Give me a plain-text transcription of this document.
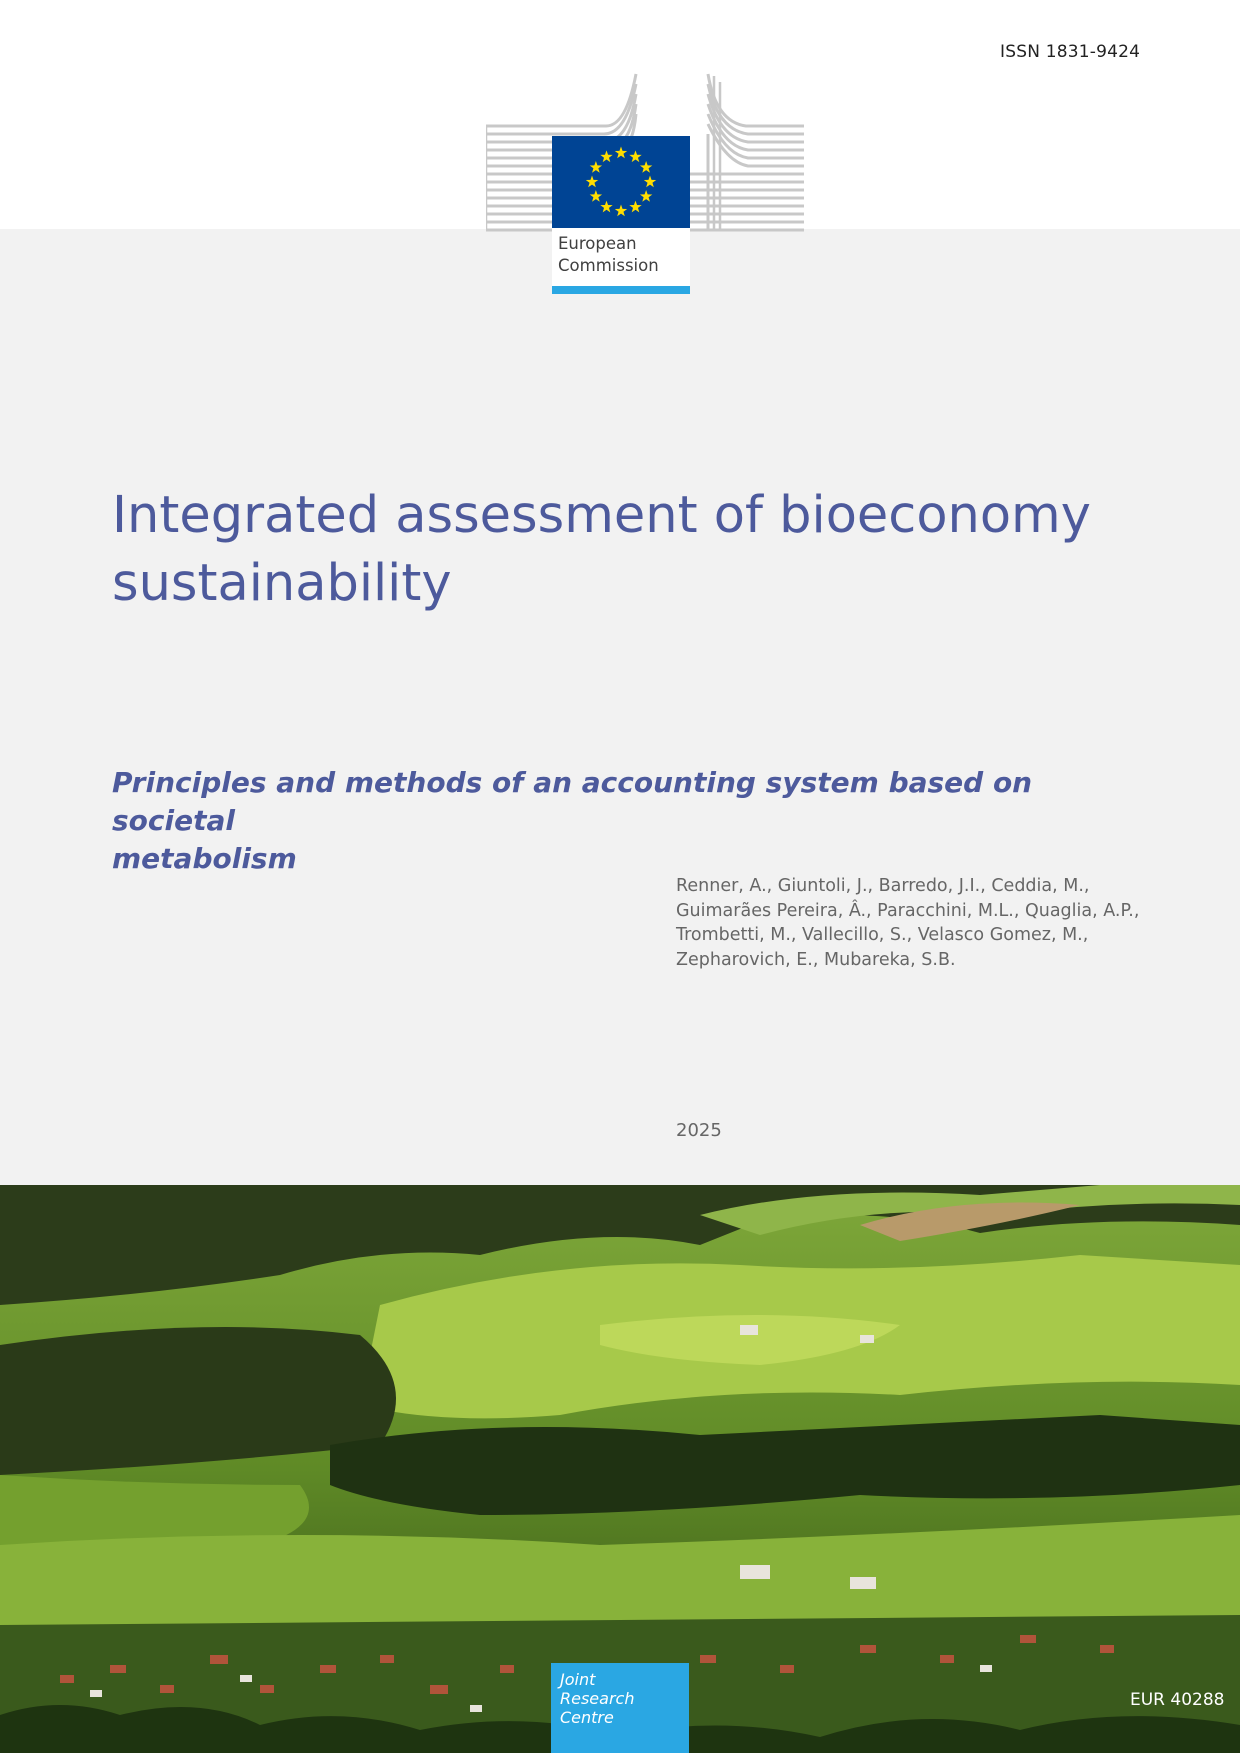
ISSN 1831-9424
European
Commission
Integrated assessment of bioeconomy
sustainability
Principles and methods of an accounting system based on societal
metabolism
Renner, A., Giuntoli, J., Barredo, J.I., Ceddia, M.,
Guimarães Pereira, Â., Paracchini, M.L., Quaglia, A.P.,
Trombetti, M., Vallecillo, S., Velasco Gomez, M.,
Zepharovich, E., Mubareka, S.B.
2025
Joint
Research
Centre
EUR 40288
